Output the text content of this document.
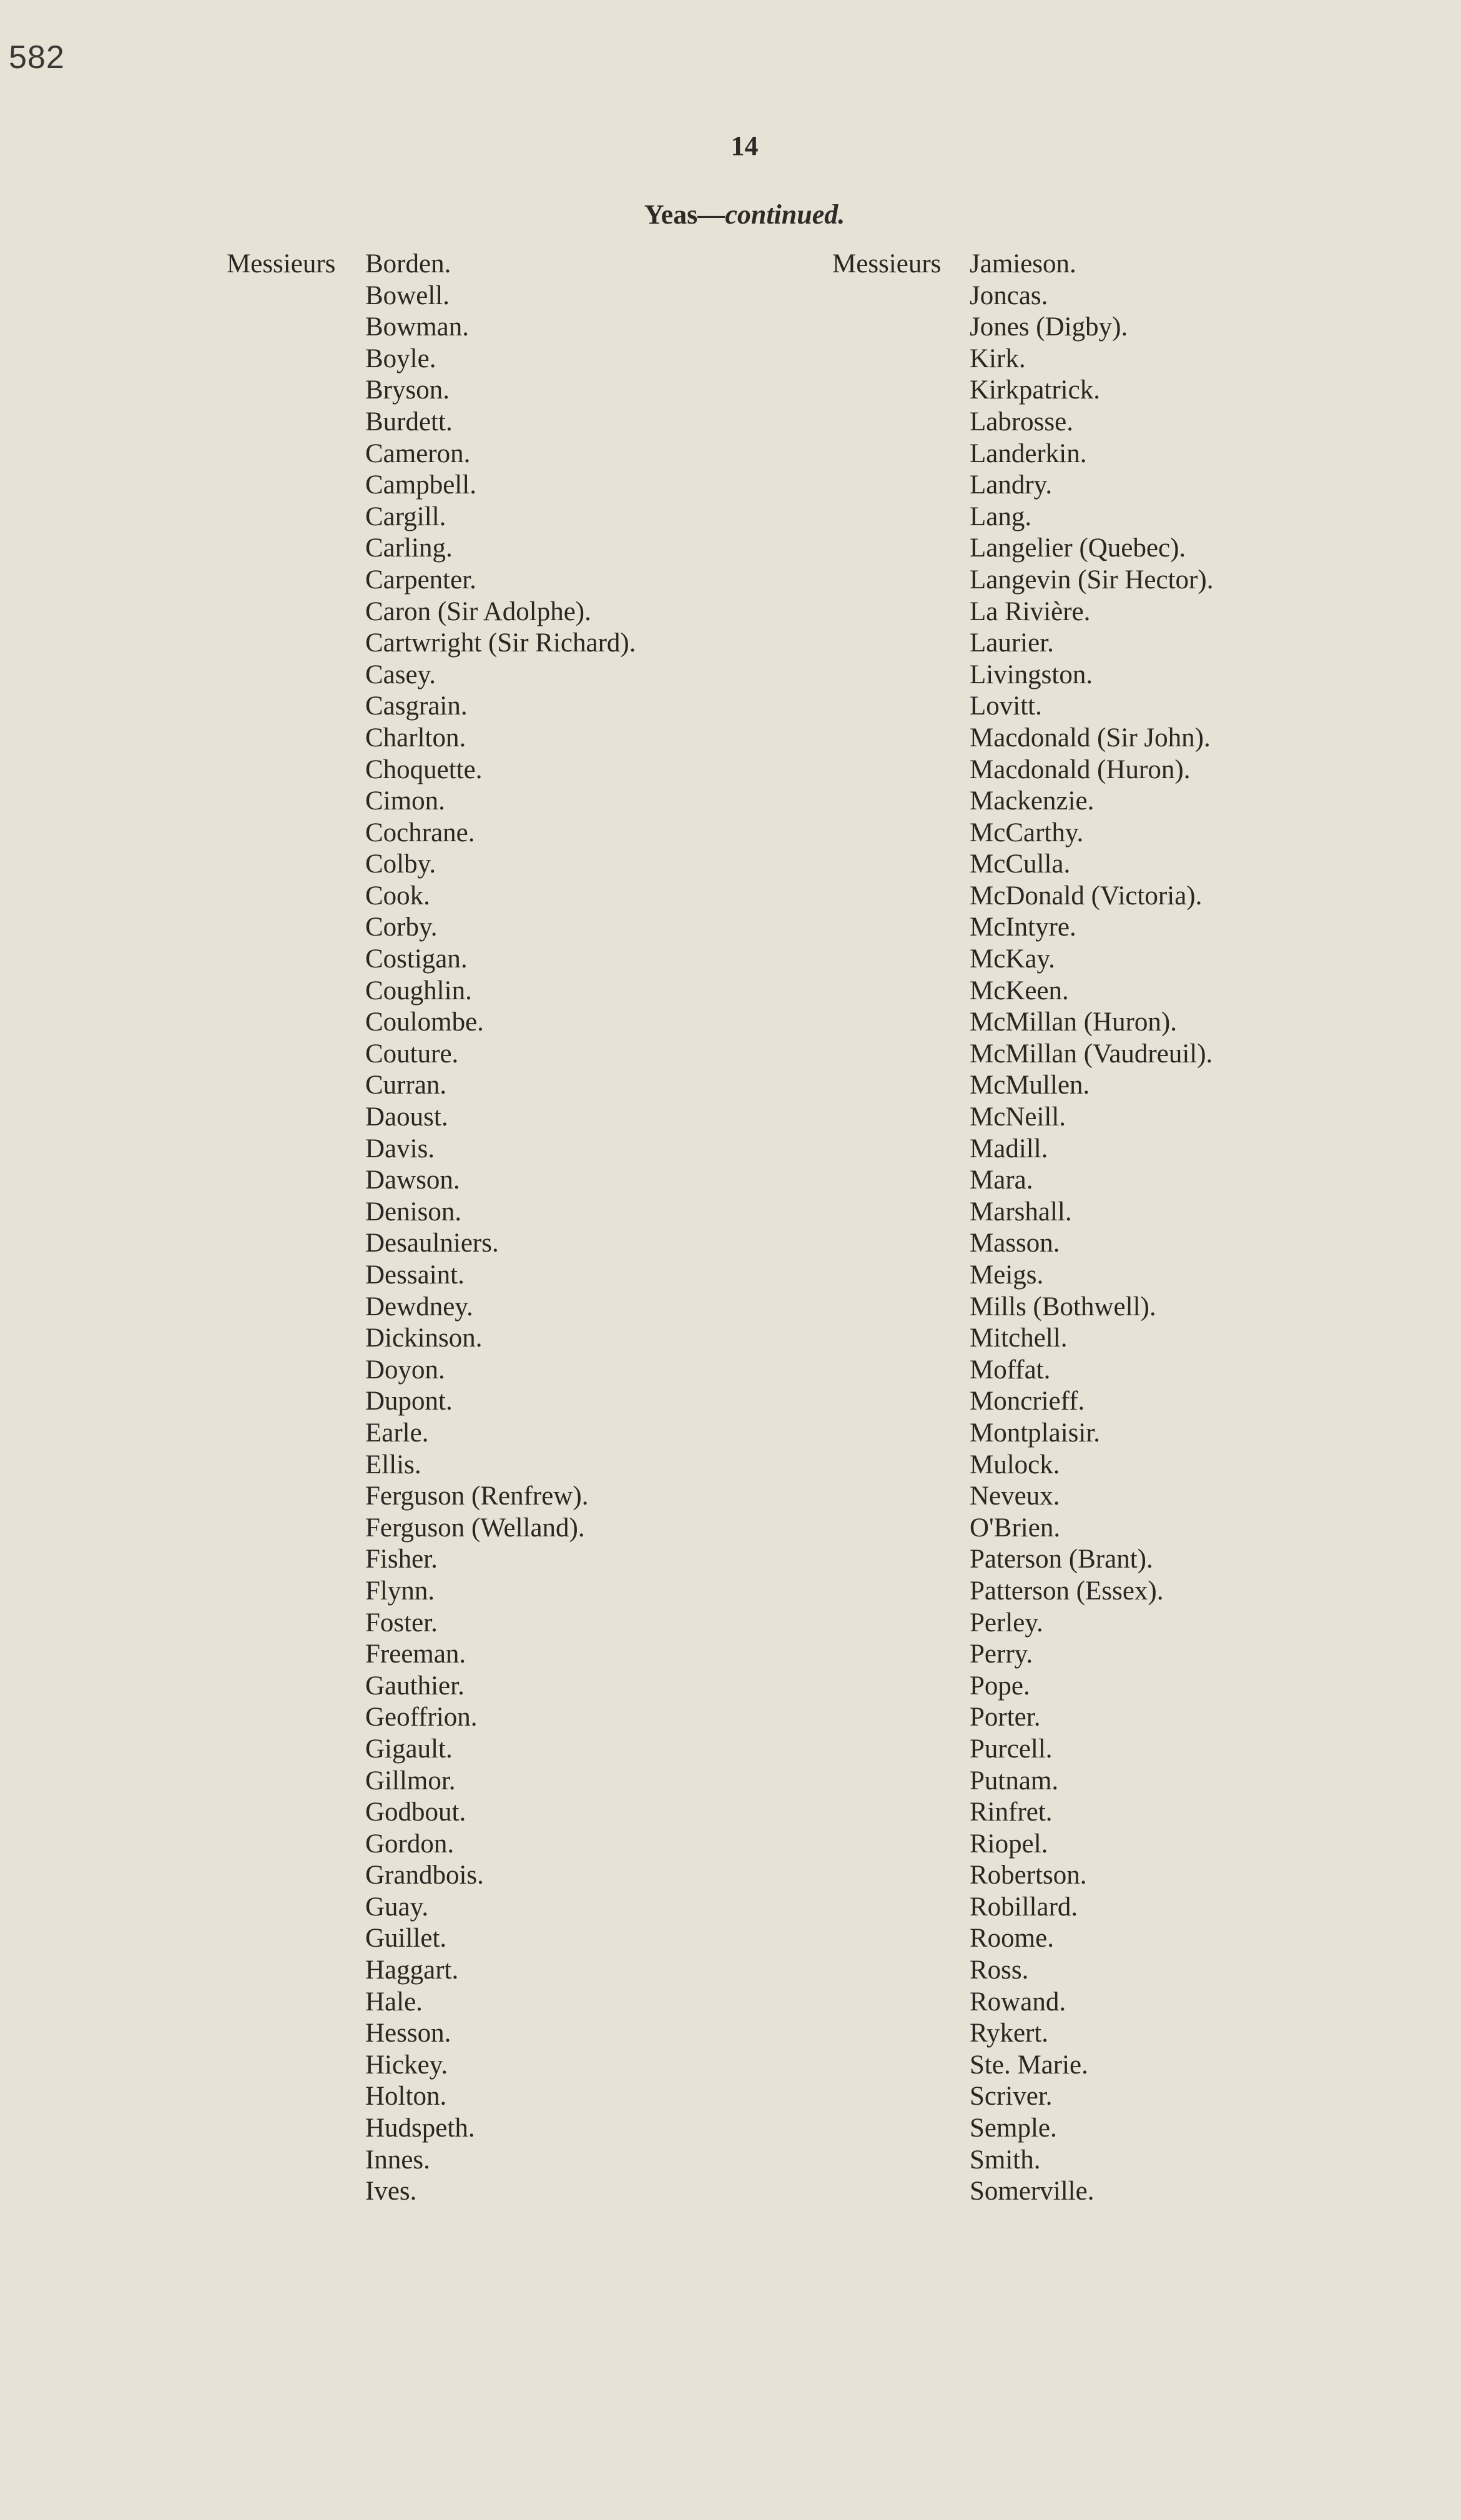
582
14
Yeas—continued.
Messieurs Borden.
Bowell.
Bowman.
Boyle.
Bryson.
Burdett.
Cameron.
Campbell.
Cargill.
Carling.
Carpenter.
Caron (Sir Adolphe).
Cartwright (Sir Richard).
Casey.
Casgrain.
Charlton.
Choquette.
Cimon.
Cochrane.
Colby.
Cook.
Corby.
Costigan.
Coughlin.
Coulombe.
Couture.
Curran.
Daoust.
Davis.
Dawson.
Denison.
Desaulniers.
Dessaint.
Dewdney.
Dickinson.
Doyon.
Dupont.
Earle.
Ellis.
Ferguson (Renfrew).
Ferguson (Welland).
Fisher.
Flynn.
Foster.
Freeman.
Gauthier.
Geoffrion.
Gigault.
Gillmor.
Godbout.
Gordon.
Grandbois.
Guay.
Guillet.
Haggart.
Hale.
Hesson.
Hickey.
Holton.
Hudspeth.
Innes.
Ives.
Messieurs Jamieson.
Joncas.
Jones (Digby).
Kirk.
Kirkpatrick.
Labrosse.
Landerkin.
Landry.
Lang.
Langelier (Quebec).
Langevin (Sir Hector).
La Rivière.
Laurier.
Livingston.
Lovitt.
Macdonald (Sir John).
Macdonald (Huron).
Mackenzie.
McCarthy.
McCulla.
McDonald (Victoria).
McIntyre.
McKay.
McKeen.
McMillan (Huron).
McMillan (Vaudreuil).
McMullen.
McNeill.
Madill.
Mara.
Marshall.
Masson.
Meigs.
Mills (Bothwell).
Mitchell.
Moffat.
Moncrieff.
Montplaisir.
Mulock.
Neveux.
O'Brien.
Paterson (Brant).
Patterson (Essex).
Perley.
Perry.
Pope.
Porter.
Purcell.
Putnam.
Rinfret.
Riopel.
Robertson.
Robillard.
Roome.
Ross.
Rowand.
Rykert.
Ste. Marie.
Scriver.
Semple.
Smith.
Somerville.
